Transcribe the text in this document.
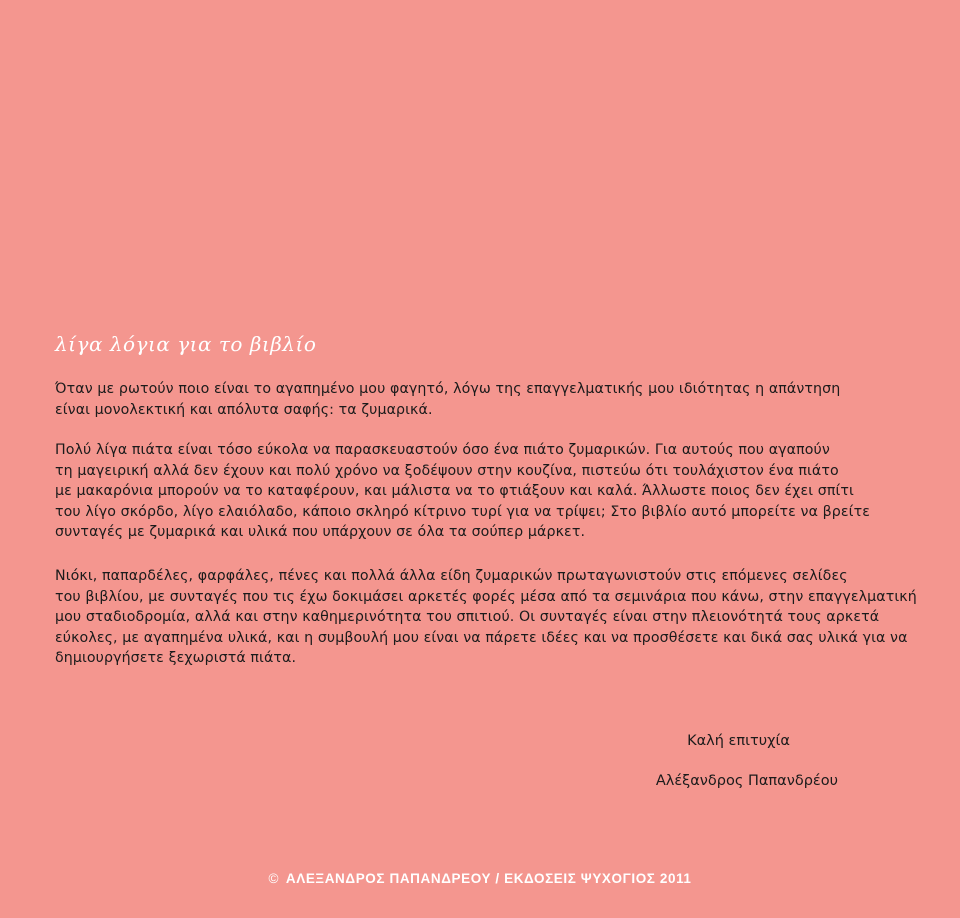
λίγα λόγια για το βιβλίο

Όταν με ρωτούν ποιο είναι το αγαπημένο μου φαγητό, λόγω της επαγγελματικής μου ιδιότητας η απάντηση
είναι μονολεκτική και απόλυτα σαφής: τα ζυμαρικά.

Πολύ λίγα πιάτα είναι τόσο εύκολα να παρασκευαστούν όσο ένα πιάτο ζυμαρικών. Για αυτούς που αγαπούν
τη μαγειρική αλλά δεν έχουν και πολύ χρόνο να ξοδέψουν στην κουζίνα, πιστεύω ότι τουλάχιστον ένα πιάτο
με μακαρόνια μπορούν να το καταφέρουν, και μάλιστα να το φτιάξουν και καλά. Άλλωστε ποιος δεν έχει σπίτι
του λίγο σκόρδο, λίγο ελαιόλαδο, κάποιο σκληρό κίτρινο τυρί για να τρίψει; Στο βιβλίο αυτό μπορείτε να βρείτε
συνταγές με ζυμαρικά και υλικά που υπάρχουν σε όλα τα σούπερ μάρκετ.

Νιόκι, παπαρδέλες, φαρφάλες, πένες και πολλά άλλα είδη ζυμαρικών πρωταγωνιστούν στις επόμενες σελίδες
του βιβλίου, με συνταγές που τις έχω δοκιμάσει αρκετές φορές μέσα από τα σεμινάρια που κάνω, στην επαγγελματική
μου σταδιοδρομία, αλλά και στην καθημερινότητα του σπιτιού. Οι συνταγές είναι στην πλειονότητά τους αρκετά
εύκολες, με αγαπημένα υλικά, και η συμβουλή μου είναι να πάρετε ιδέες και να προσθέσετε και δικά σας υλικά για να
δημιουργήσετε ξεχωριστά πιάτα.

Καλή επιτυχία

Αλέξανδρος Παπανδρέου

© ΑΛΕΞΑΝΔΡΟΣ ΠΑΠΑΝΔΡΕΟΥ / ΕΚΔΟΣΕΙΣ ΨΥΧΟΓΙΟΣ 2011
